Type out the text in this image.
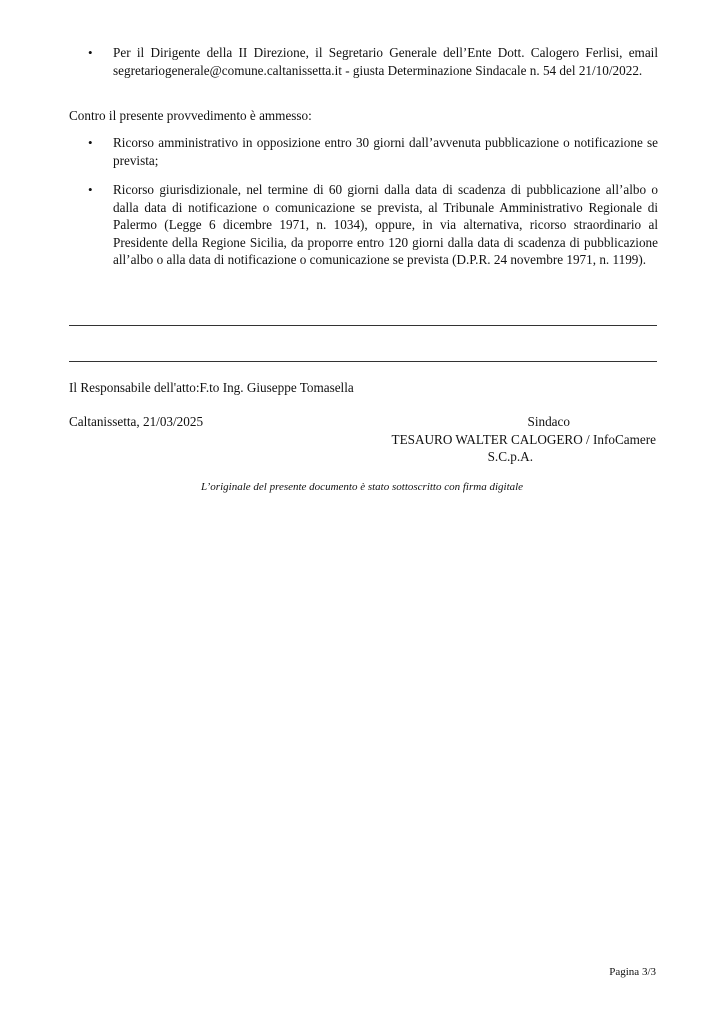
• Per il Dirigente della II Direzione, il Segretario Generale dell’Ente Dott. Calogero Ferlisi, email segretariogenerale@comune.caltanissetta.it - giusta Determinazione Sindacale n. 54 del 21/10/2022.
Contro il presente provvedimento è ammesso:
• Ricorso amministrativo in opposizione entro 30 giorni dall’avvenuta pubblicazione o notificazione se prevista;
• Ricorso giurisdizionale, nel termine di 60 giorni dalla data di scadenza di pubblicazione all’albo o dalla data di notificazione o comunicazione se prevista, al Tribunale Amministrativo Regionale di Palermo (Legge 6 dicembre 1971, n. 1034), oppure, in via alternativa, ricorso straordinario al Presidente della Regione Sicilia, da proporre entro 120 giorni dalla data di scadenza di pubblicazione all’albo o alla data di notificazione o comunicazione se prevista (D.P.R. 24 novembre 1971, n. 1199).
Il Responsabile dell'atto:F.to Ing. Giuseppe Tomasella
Caltanissetta, 21/03/2025	Sindaco
TESAURO WALTER CALOGERO / InfoCamere
S.C.p.A.
L’originale del presente documento è stato sottoscritto con firma digitale
Pagina 3/3
